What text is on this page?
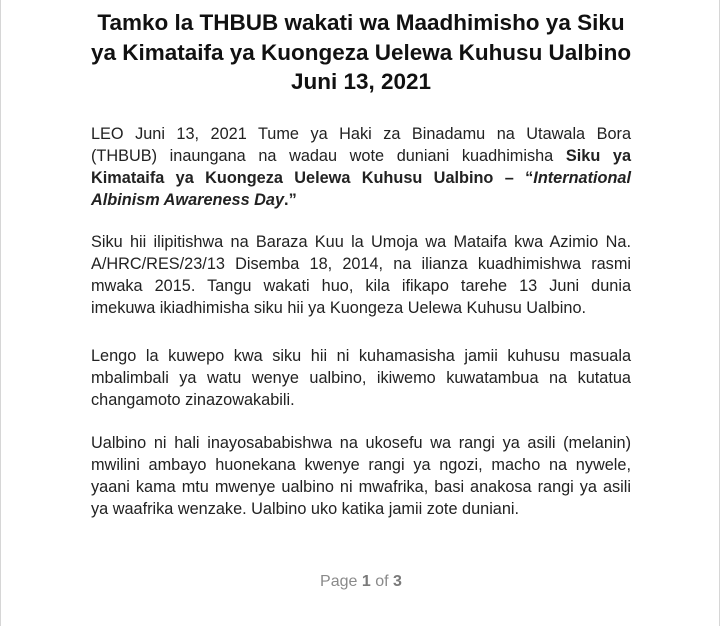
Tamko la THBUB wakati wa Maadhimisho ya Siku
ya Kimataifa ya Kuongeza Uelewa Kuhusu Ualbino
Juni 13, 2021
LEO Juni 13, 2021 Tume ya Haki za Binadamu na Utawala Bora
(THBUB) inaungana na wadau wote duniani kuadhimisha Siku ya
Kimataifa ya Kuongeza Uelewa Kuhusu Ualbino – “International
Albinism Awareness Day.”
Siku hii ilipitishwa na Baraza Kuu la Umoja wa Mataifa kwa Azimio Na.
A/HRC/RES/23/13 Disemba 18, 2014, na ilianza kuadhimishwa rasmi
mwaka 2015. Tangu wakati huo, kila ifikapo tarehe 13 Juni dunia
imekuwa ikiadhimisha siku hii ya Kuongeza Uelewa Kuhusu Ualbino.
Lengo la kuwepo kwa siku hii ni kuhamasisha jamii kuhusu masuala
mbalimbali ya watu wenye ualbino, ikiwemo kuwatambua na kutatua
changamoto zinazowakabili.
Ualbino ni hali inayosababishwa na ukosefu wa rangi ya asili (melanin)
mwilini ambayo huonekana kwenye rangi ya ngozi, macho na nywele,
yaani kama mtu mwenye ualbino ni mwafrika, basi anakosa rangi ya asili
ya waafrika wenzake. Ualbino uko katika jamii zote duniani.
Page 1 of 3
